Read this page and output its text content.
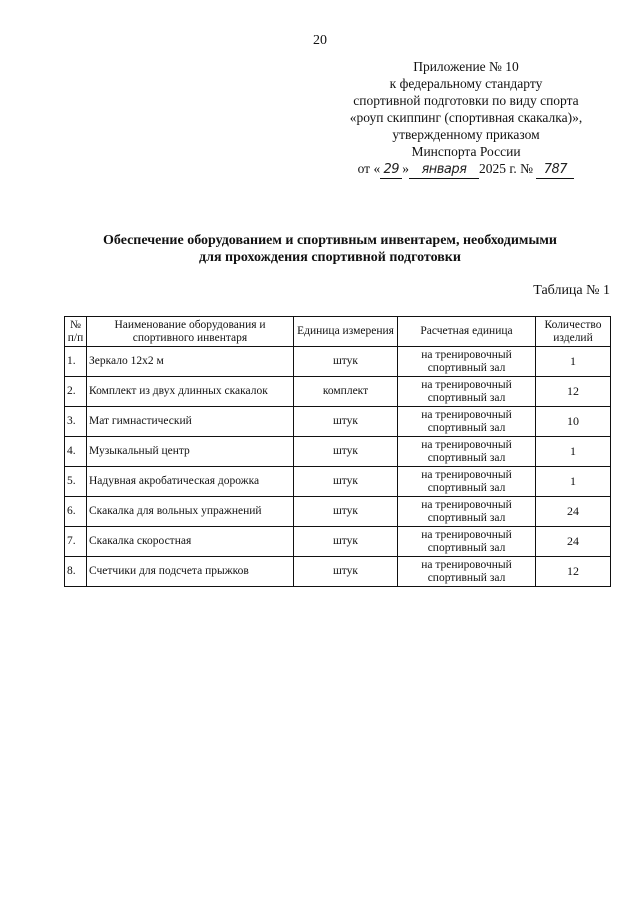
20
Приложение № 10
к федеральному стандарту
спортивной подготовки по виду спорта
«роуп скиппинг (спортивная скакалка)»,
утвержденному приказом
Минспорта России
от « 29 » января 2025 г. № 787
Обеспечение оборудованием и спортивным инвентарем, необходимыми
для прохождения спортивной подготовки
Таблица № 1
№ п/п	Наименование оборудования и спортивного инвентаря	Единица измерения	Расчетная единица	Количество изделий
1.	Зеркало 12х2 м	штук	на тренировочный спортивный зал	1
2.	Комплект из двух длинных скакалок	комплект	на тренировочный спортивный зал	12
3.	Мат гимнастический	штук	на тренировочный спортивный зал	10
4.	Музыкальный центр	штук	на тренировочный спортивный зал	1
5.	Надувная акробатическая дорожка	штук	на тренировочный спортивный зал	1
6.	Скакалка для вольных упражнений	штук	на тренировочный спортивный зал	24
7.	Скакалка скоростная	штук	на тренировочный спортивный зал	24
8.	Счетчики для подсчета прыжков	штук	на тренировочный спортивный зал	12
